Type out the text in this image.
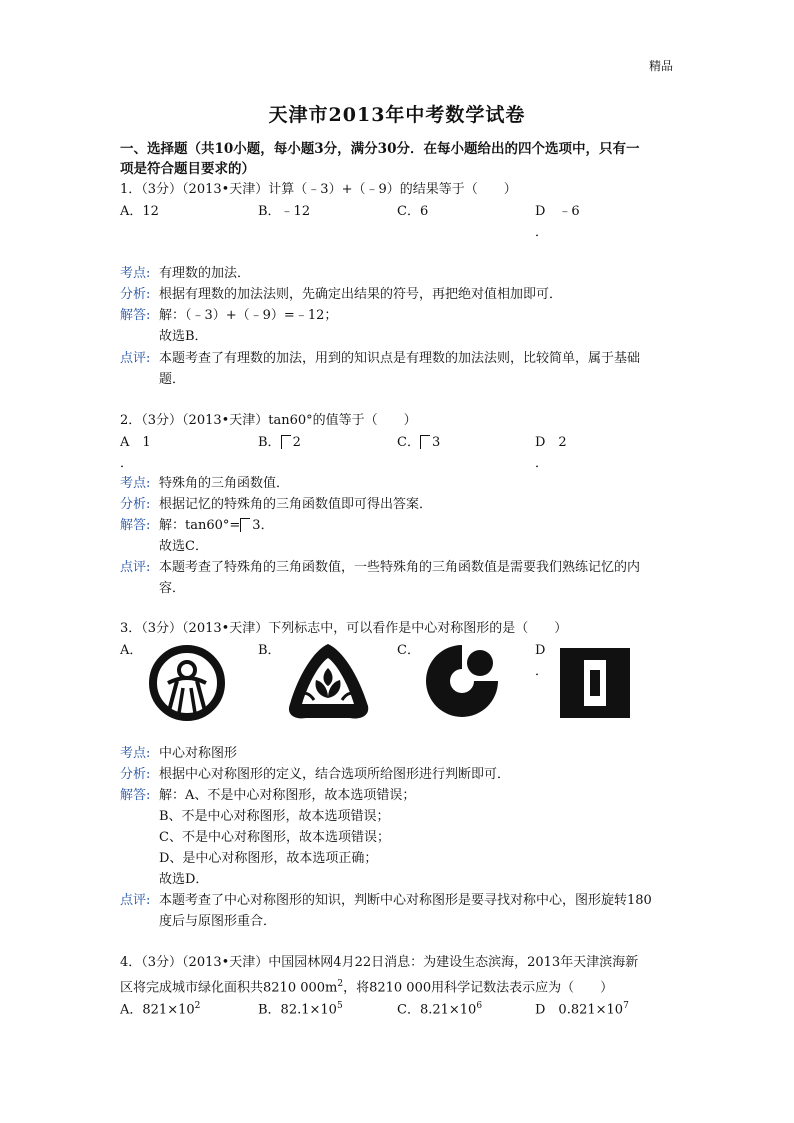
精品
天津市2013年中考数学试卷
一、选择题（共10小题，每小题3分，满分30分．在每小题给出的四个选项中，只有一
项是符合题目要求的）
1．（3分）（2013•天津）计算（﹣3）+（﹣9）的结果等于（　　）
A．12	B．﹣12	C．6	D　﹣6
．
考点: 有理数的加法．
分析: 根据有理数的加法法则，先确定出结果的符号，再把绝对值相加即可．
解答: 解：（﹣3）+（﹣9）=﹣12；
故选B．
点评: 本题考查了有理数的加法，用到的知识点是有理数的加法法则，比较简单，属于基础
题．
2．（3分）（2013•天津）tan60°的值等于（　　）
A　1
．
B． 2	C． 3	D　2
．
考点: 特殊角的三角函数值．
分析: 根据记忆的特殊角的三角函数值即可得出答案．
解答: 解：tan60°= 3．
故选C．
点评: 本题考查了特殊角的三角函数值，一些特殊角的三角函数值是需要我们熟练记忆的内
容．
3．（3分）（2013•天津）下列标志中，可以看作是中心对称图形的是（　　）
A．	B．	C．	D
．
考点: 中心对称图形
分析: 根据中心对称图形的定义，结合选项所给图形进行判断即可．
解答: 解：A、不是中心对称图形，故本选项错误；
B、不是中心对称图形，故本选项错误；
C、不是中心对称图形，故本选项错误；
D、是中心对称图形，故本选项正确；
故选D．
点评: 本题考查了中心对称图形的知识，判断中心对称图形是要寻找对称中心，图形旋转180
度后与原图形重合．
4．（3分）（2013•天津）中国园林网4月22日消息：为建设生态滨海，2013年天津滨海新
区将完成城市绿化面积共8210 $000m^2$，将8210 000用科学记数法表示应为（　　）
A．$821\times 10^2$	B．$82.1\times 10^5$	C．$8.21\times 10^6$	D　$0.821\times 10^7$
